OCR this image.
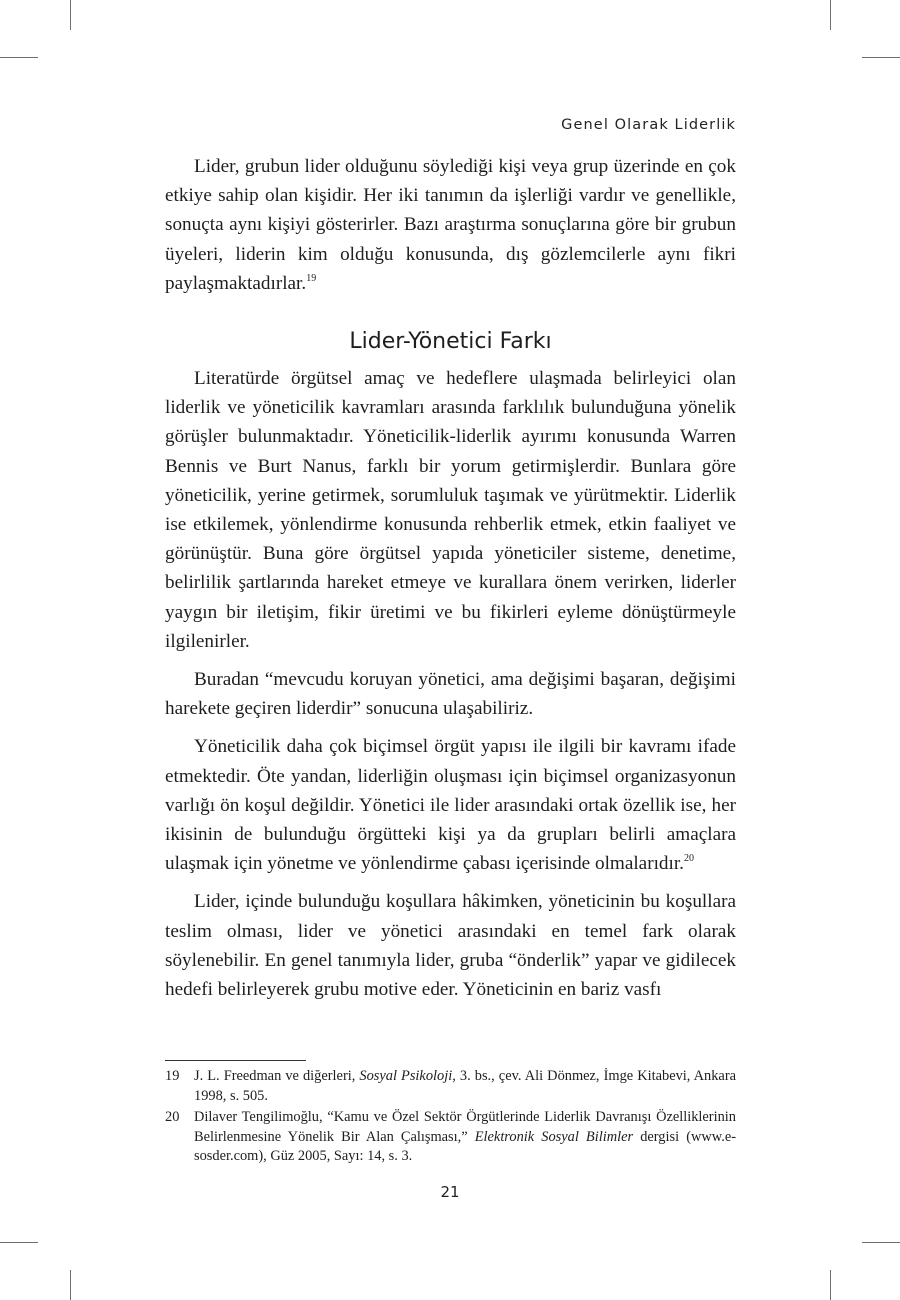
Genel Olarak Liderlik

Lider, grubun lider olduğunu söylediği kişi veya grup üzerinde en çok etkiye sahip olan kişidir. Her iki tanımın da işlerliği vardır ve genellikle, sonuçta aynı kişiyi gösterirler. Bazı araştırma sonuçlarına göre bir grubun üyeleri, liderin kim olduğu konusunda, dış gözlemcilerle aynı fikri paylaşmaktadırlar.$^{19}$

Lider-Yönetici Farkı

Literatürde örgütsel amaç ve hedeflere ulaşmada belirleyici olan liderlik ve yöneticilik kavramları arasında farklılık bulunduğuna yönelik görüşler bulunmaktadır. Yöneticilik-liderlik ayırımı konusunda Warren Bennis ve Burt Nanus, farklı bir yorum getirmişlerdir. Bunlara göre yöneticilik, yerine getirmek, sorumluluk taşımak ve yürütmektir. Liderlik ise etkilemek, yönlendirme konusunda rehberlik etmek, etkin faaliyet ve görünüştür. Buna göre örgütsel yapıda yöneticiler sisteme, denetime, belirlilik şartlarında hareket etmeye ve kurallara önem verirken, liderler yaygın bir iletişim, fikir üretimi ve bu fikirleri eyleme dönüştürmeyle ilgilenirler.

Buradan “mevcudu koruyan yönetici, ama değişimi başaran, değişimi harekete geçiren liderdir” sonucuna ulaşabiliriz.

Yöneticilik daha çok biçimsel örgüt yapısı ile ilgili bir kavramı ifade etmektedir. Öte yandan, liderliğin oluşması için biçimsel organizasyonun varlığı ön koşul değildir. Yönetici ile lider arasındaki ortak özellik ise, her ikisinin de bulunduğu örgütteki kişi ya da grupları belirli amaçlara ulaşmak için yönetme ve yönlendirme çabası içerisinde olmalarıdır.$^{20}$

Lider, içinde bulunduğu koşullara hâkimken, yöneticinin bu koşullara teslim olması, lider ve yönetici arasındaki en temel fark olarak söylenebilir. En genel tanımıyla lider, gruba “önderlik” yapar ve gidilecek hedefi belirleyerek grubu motive eder. Yöneticinin en bariz vasfı

19	J. L. Freedman ve diğerleri, Sosyal Psikoloji, 3. bs., çev. Ali Dönmez, İmge Kitabevi, Ankara 1998, s. 505.
20	Dilaver Tengilimoğlu, “Kamu ve Özel Sektör Örgütlerinde Liderlik Davranışı Özelliklerinin Belirlenmesine Yönelik Bir Alan Çalışması,” Elektronik Sosyal Bilimler dergisi (www.e-sosder.com), Güz 2005, Sayı: 14, s. 3.
21
